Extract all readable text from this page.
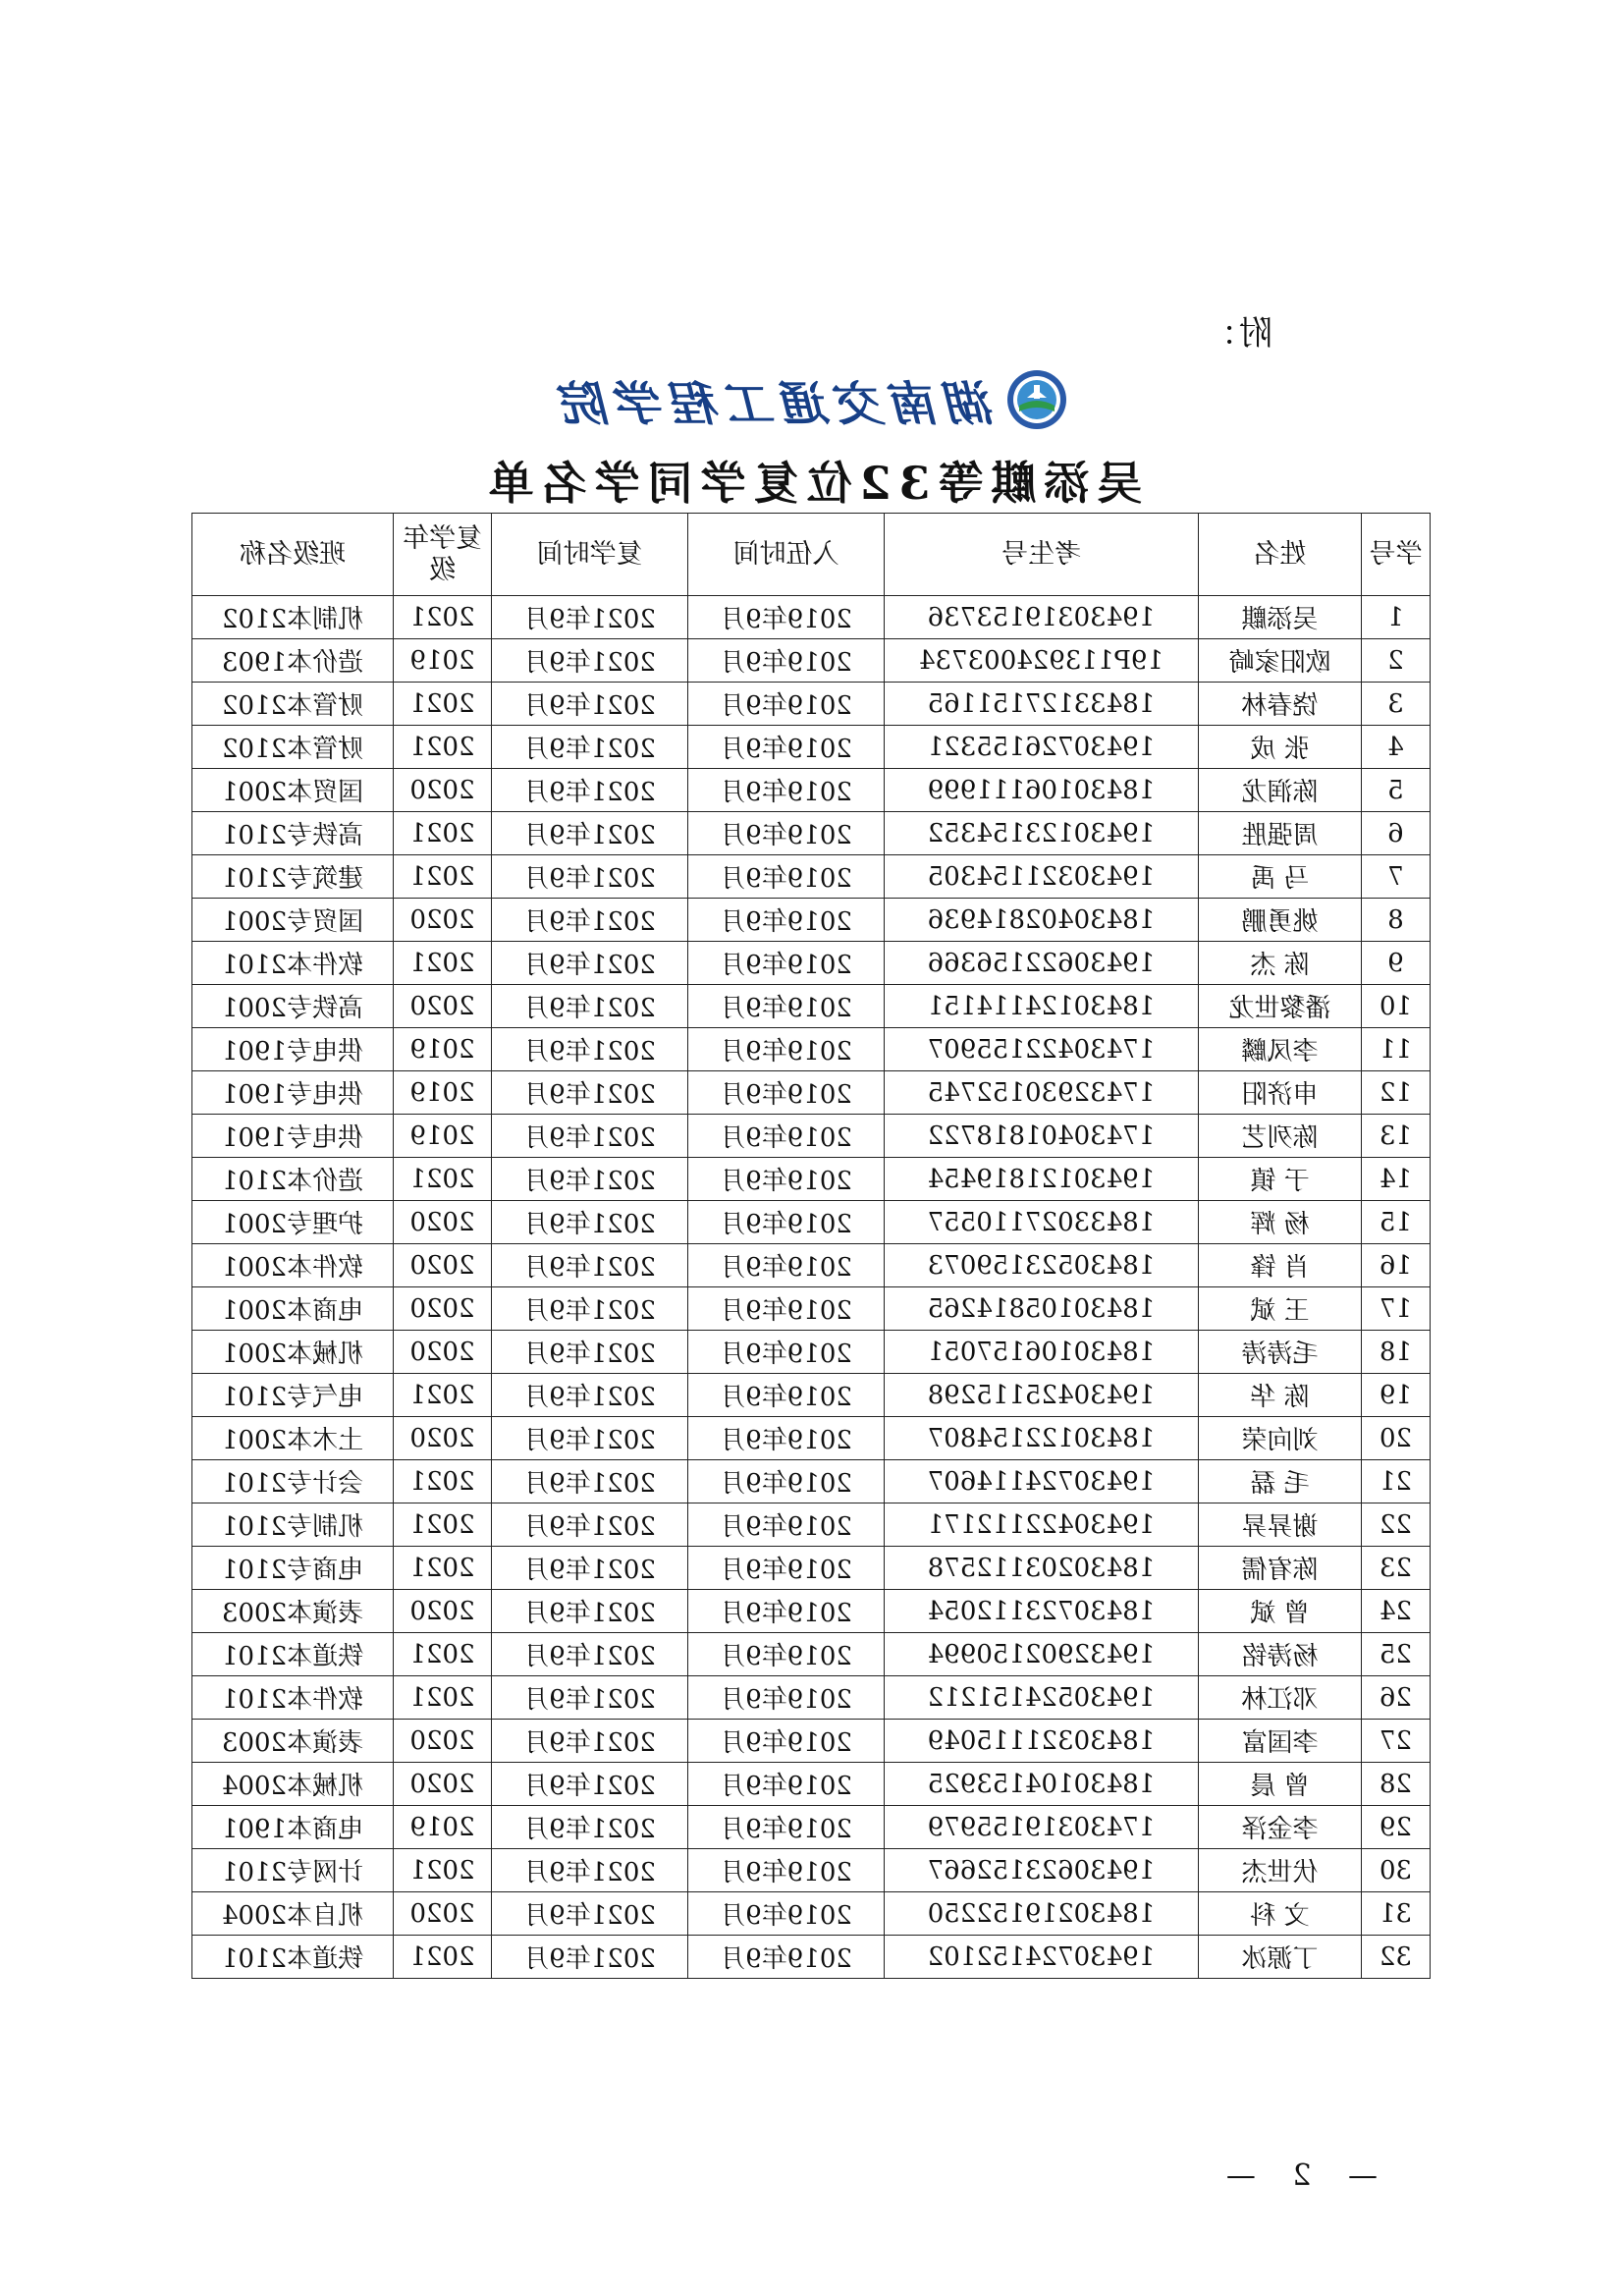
附：
湖南交通工程学院
吴添麒等32位复学同学名单
学号	姓名	考生号	入伍时间	复学时间	复学年级	班级名称
1	吴添麒	19430319153736	2019年9月	2021年9月	2021	机制本2102
2	欧阳家崎	19P11392400373​4	2019年9月	2021年9月	2019	造价本1903
3	饶春林	18433127151165	2019年9月	2021年9月	2021	财管本2102
4	张 成	19430726155321	2019年9月	2021年9月	2021	财管本2102
5	陈润龙	18430106111999	2019年9月	2021年9月	2020	国贸本2001
6	周强胜	19430123154352	2019年9月	2021年9月	2021	高铁专2101
7	马 禹	19430321154305	2019年9月	2021年9月	2021	建筑专2101
8	姚勇鹏	18430402814936	2019年9月	2021年9月	2020	国贸专2001
9	陈 杰	19430622156366	2019年9月	2021年9月	2021	软件本2101
10	潘黎世龙	18430124114151	2019年9月	2021年9月	2020	高铁专2001
11	李凤麟	17430422155907	2019年9月	2021年9月	2019	供电专1901
12	申济阳	17432930152745	2019年9月	2021年9月	2019	供电专1901
13	陈列艺	17430401818722	2019年9月	2021年9月	2019	供电专1901
14	于 镇	19430121819454	2019年9月	2021年9月	2021	造价本2101
15	杨 辉	18433027110557	2019年9月	2021年9月	2020	护理专2001
16	肖 锋	18430523159073	2019年9月	2021年9月	2020	软件本2001
17	王 斌	18430105814265	2019年9月	2021年9月	2020	电商本2001
18	毛涛涛	18430106157051	2019年9月	2021年9月	2020	机械本2001
19	陈 华	19430425115298	2019年9月	2021年9月	2021	电气专2101
20	刘向荣	18430122154807	2019年9月	2021年9月	2020	土木本2001
21	毛 磊	19430724114607	2019年9月	2021年9月	2021	会计专2101
22	谢昇昇	19430422112171	2019年9月	2021年9月	2021	机制专2101
23	陈宥儒	18430203112578	2019年9月	2021年9月	2021	电商专2101
24	曾 斌	18430723112054	2019年9月	2021年9月	2020	表演本2003
25	杨涛铭	19432902150994	2019年9月	2021年9月	2021	铁道本2101
26	邓江林	19430524151212	2019年9月	2021年9月	2021	软件本2101
27	李国富	18430321115049	2019年9月	2021年9月	2020	表演本2003
28	曾 晨	18430104153925	2019年9月	2021年9月	2020	机械本2004
29	李金泽	17430319155979	2019年9月	2021年9月	2019	电商本1901
30	伏世杰	19430623152667	2019年9月	2021年9月	2021	计网专2101
31	文 科	18430219152250	2019年9月	2021年9月	2020	机自本2004
32	丁源冰	19430724152102	2019年9月	2021年9月	2021	铁道本2101
— 2 —
